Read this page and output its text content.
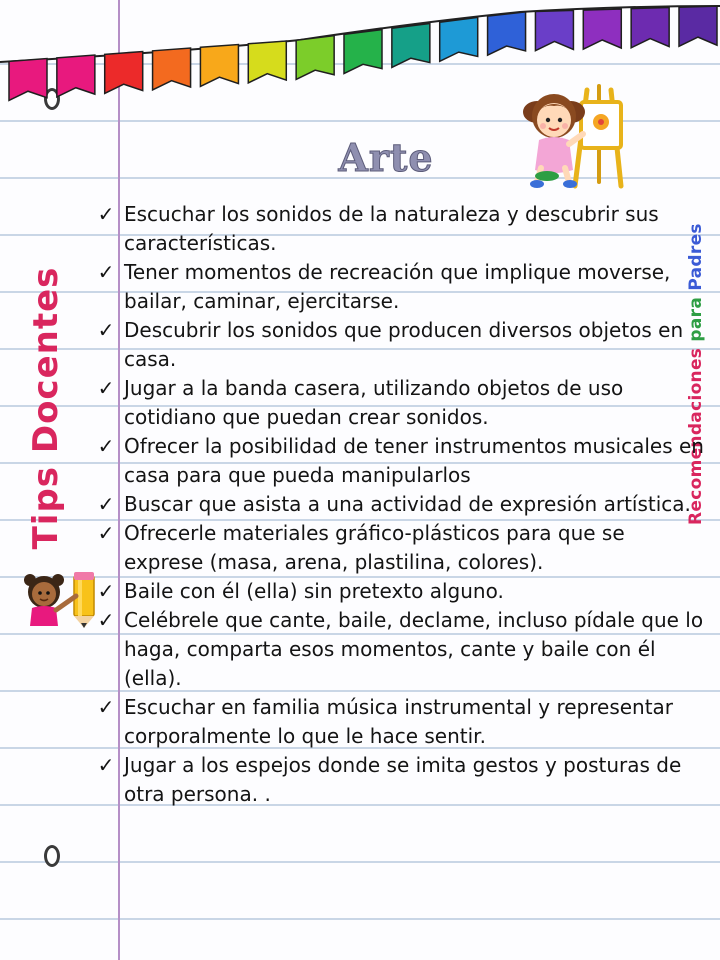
Arte
Tips Docentes	Recomendaciones para Padres
✓ Escuchar los sonidos de la naturaleza y descubrir sus características.
✓ Tener momentos de recreación que implique moverse, bailar, caminar, ejercitarse.
✓ Descubrir los sonidos que producen diversos objetos en casa.
✓ Jugar a la banda casera, utilizando objetos de uso cotidiano que puedan crear sonidos.
✓ Ofrecer la posibilidad de tener instrumentos musicales en casa para que pueda manipularlos
✓ Buscar que asista a una actividad de expresión artística.
✓ Ofrecerle materiales gráfico-plásticos para que se exprese (masa, arena, plastilina, colores).
✓ Baile con él (ella) sin pretexto alguno.
✓ Celébrele que cante, baile, declame, incluso pídale que lo haga, comparta esos momentos, cante y baile con él (ella).
✓ Escuchar en familia música instrumental y representar corporalmente lo que le hace sentir.
✓ Jugar a los espejos donde se imita gestos y posturas de otra persona. .
